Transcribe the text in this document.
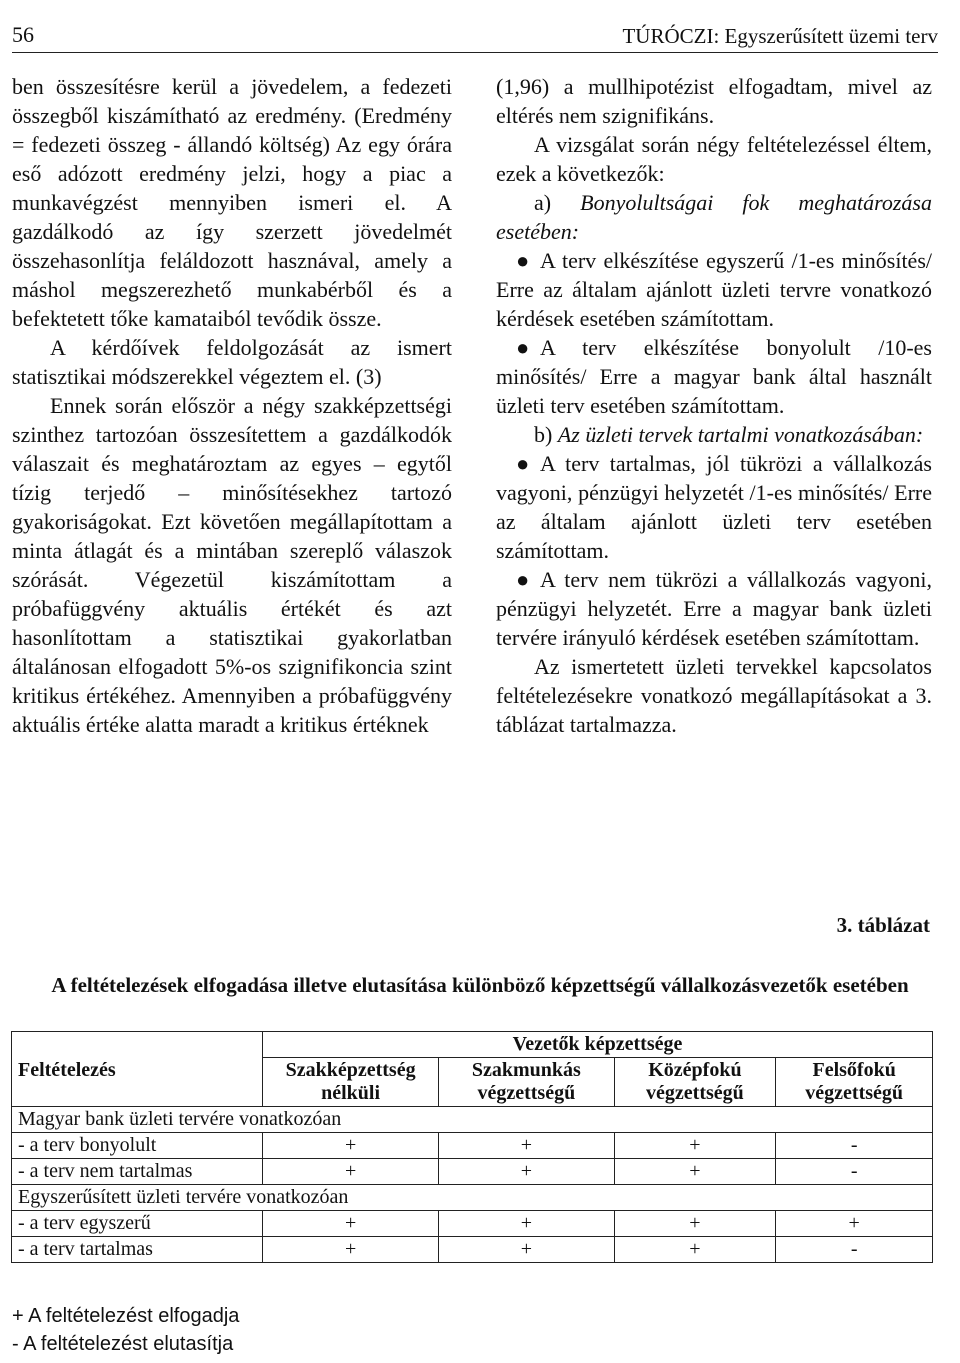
56	TÚRÓCZI: Egyszerűsített üzemi terv

ben összesítésre kerül a jövedelem, a fedezeti összegből kiszámítható az eredmény. (Eredmény = fedezeti összeg - állandó költség) Az egy órára eső adózott eredmény jelzi, hogy a piac a munkavégzést mennyiben ismeri el. A gazdálkodó az így szerzett jövedelmét összehasonlítja feláldozott hasznával, amely a máshol megszerezhető munkabérből és a befektetett tőke kamataiból tevődik össze.

A kérdőívek feldolgozását az ismert statisztikai módszerekkel végeztem el. (3)

Ennek során először a négy szakképzettségi szinthez tartozóan összesítettem a gazdálkodók válaszait és meghatároztam az egyes – egytől tízig terjedő – minősítésekhez tartozó gyakoriságokat. Ezt követően megállapítottam a minta átlagát és a mintában szereplő válaszok szórását. Végezetül kiszámítottam a próbafüggvény aktuális értékét és azt hasonlítottam a statisztikai gyakorlatban általánosan elfogadott 5%-os szignifikoncia szint kritikus értékéhez. Amennyiben a próbafüggvény aktuális értéke alatta maradt a kritikus értéknek

(1,96) a mullhipotézist elfogadtam, mivel az eltérés nem szignifikáns.

A vizsgálat során négy feltételezéssel éltem, ezek a következők:

a) Bonyolultságai fok meghatározása esetében:

● A terv elkészítése egyszerű /1-es minősítés/ Erre az általam ajánlott üzleti tervre vonatkozó kérdések esetében számítottam.

● A terv elkészítése bonyolult /10-es minősítés/ Erre a magyar bank által használt üzleti terv esetében számítottam.

b) Az üzleti tervek tartalmi vonatkozásában:

● A terv tartalmas, jól tükrözi a vállalkozás vagyoni, pénzügyi helyzetét /1-es minősítés/ Erre az általam ajánlott üzleti terv esetében számítottam.

● A terv nem tükrözi a vállalkozás vagyoni, pénzügyi helyzetét. Erre a magyar bank üzleti tervére irányuló kérdések esetében számítottam.

Az ismertetett üzleti tervekkel kapcsolatos feltételezésekre vonatkozó megállapításokat a 3. táblázat tartalmazza.

3. táblázat
A feltételezések elfogadása illetve elutasítása különböző képzettségű vállalkozásvezetők esetében
	Vezetők képzettsége			
Feltételezés	Szakképzettség nélküli	Szakmunkás végzettségű	Középfokú végzettségű	Felsőfokú végzettségű
Magyar bank üzleti tervére vonatkozóan				
- a terv bonyolult	+	+	+	-
- a terv nem tartalmas	+	+	+	-
Egyszerűsített üzleti tervére vonatkozóan				
- a terv egyszerű	+	+	+	+
- a terv tartalmas	+	+	+	-
+ A feltételezést elfogadja
- A feltételezést elutasítja
